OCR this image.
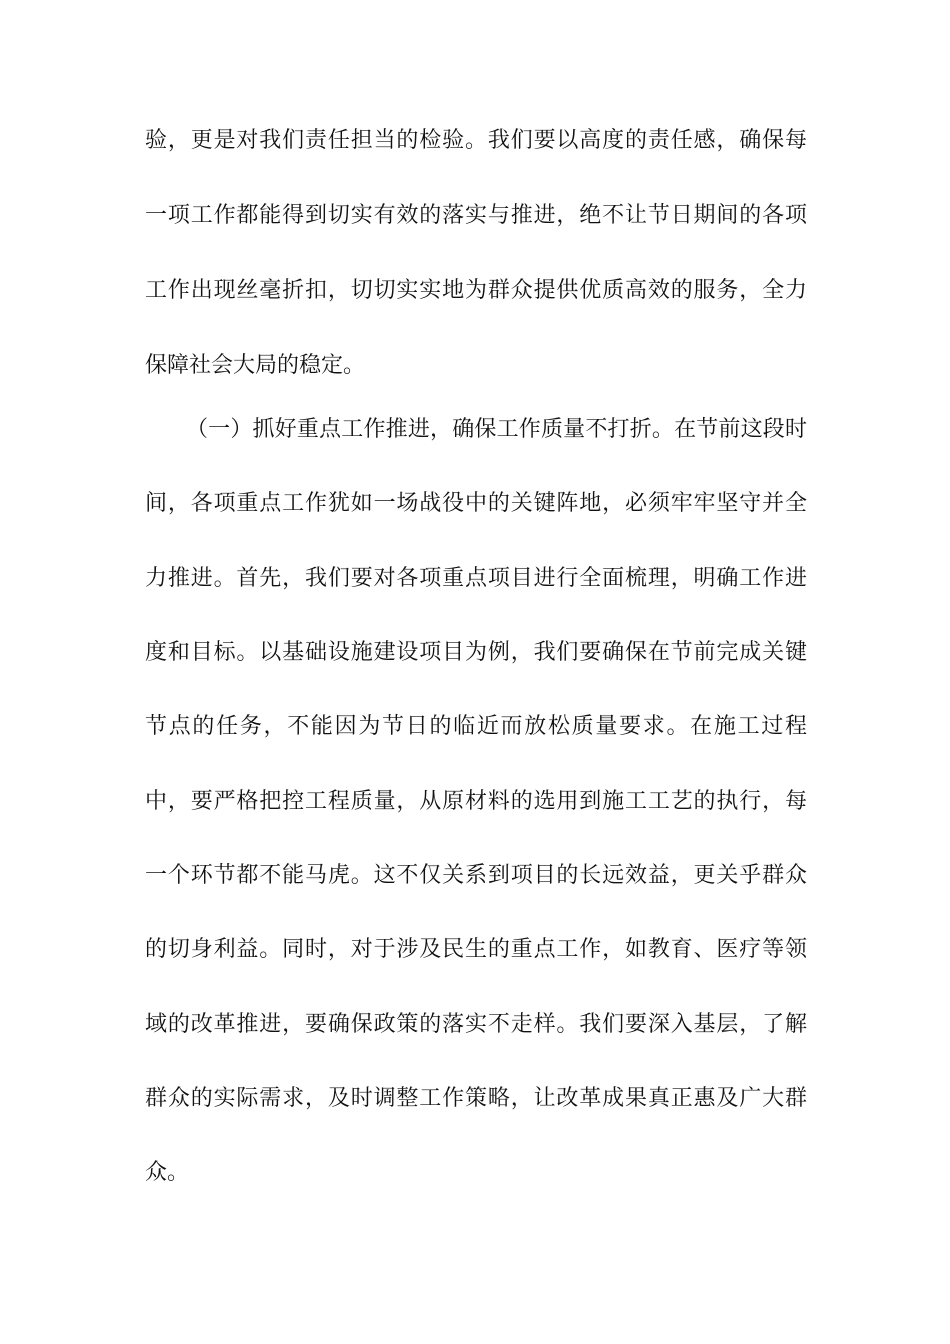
验，更是对我们责任担当的检验。我们要以高度的责任感，确保每
一项工作都能得到切实有效的落实与推进，绝不让节日期间的各项
工作出现丝毫折扣，切切实实地为群众提供优质高效的服务，全力
保障社会大局的稳定。
（一）抓好重点工作推进，确保工作质量不打折。在节前这段时
间，各项重点工作犹如一场战役中的关键阵地，必须牢牢坚守并全
力推进。首先，我们要对各项重点项目进行全面梳理，明确工作进
度和目标。以基础设施建设项目为例，我们要确保在节前完成关键
节点的任务，不能因为节日的临近而放松质量要求。在施工过程
中，要严格把控工程质量，从原材料的选用到施工工艺的执行，每
一个环节都不能马虎。这不仅关系到项目的长远效益，更关乎群众
的切身利益。同时，对于涉及民生的重点工作，如教育、医疗等领
域的改革推进，要确保政策的落实不走样。我们要深入基层，了解
群众的实际需求，及时调整工作策略，让改革成果真正惠及广大群
众。
